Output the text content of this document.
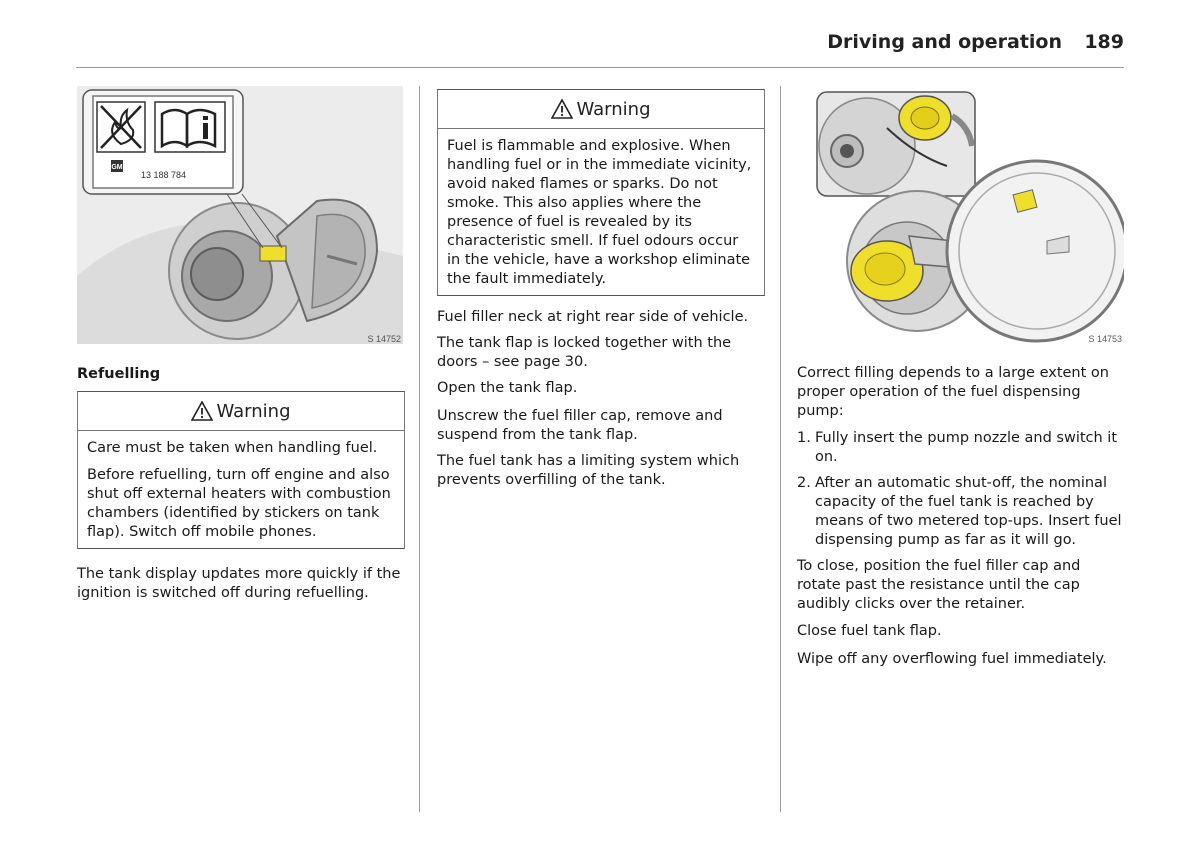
Driving and operation 189
GM
13 188 784
S 14752
Refuelling
Warning

Care must be taken when handling fuel.

Before refuelling, turn off engine and also shut off external heaters with combustion chambers (identified by stickers on tank flap). Switch off mobile phones.

The tank display updates more quickly if the ignition is switched off during refuelling.

Warning

Fuel is flammable and explosive. When handling fuel or in the immediate vicinity, avoid naked flames or sparks. Do not smoke. This also applies where the presence of fuel is revealed by its characteristic smell. If fuel odours occur in the vehicle, have a workshop eliminate the fault immediately.

Fuel filler neck at right rear side of vehicle.

The tank flap is locked together with the doors – see page 30.

Open the tank flap.

Unscrew the fuel filler cap, remove and suspend from the tank flap.

The fuel tank has a limiting system which prevents overfilling of the tank.

S 14753

Correct filling depends to a large extent on proper operation of the fuel dispensing pump:

1. Fully insert the pump nozzle and switch it on.
2. After an automatic shut-off, the nominal capacity of the fuel tank is reached by means of two metered top-ups. Insert fuel dispensing pump as far as it will go.

To close, position the fuel filler cap and rotate past the resistance until the cap audibly clicks over the retainer.

Close fuel tank flap.

Wipe off any overflowing fuel immediately.
